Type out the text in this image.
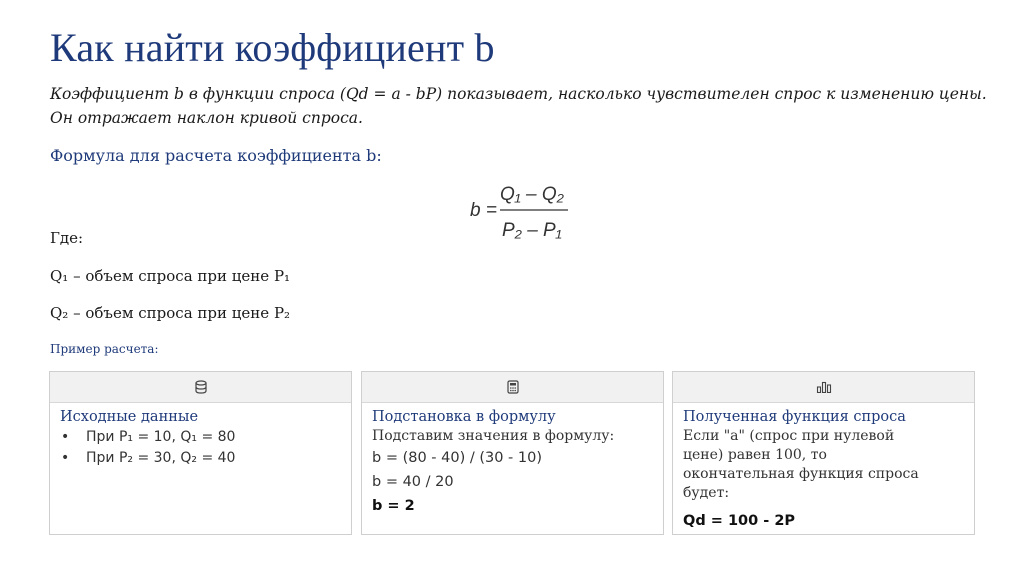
Как найти коэффициент b
Коэффициент b в функции спроса (Qd = a - bP) показывает, насколько чувствителен спрос к изменению цены.
Он отражает наклон кривой спроса.
Формула для расчета коэффициента b:
b =
Q₁ – Q₂
P₂ – P₁
Где:
Q₁ – объем спроса при цене P₁
Q₂ – объем спроса при цене P₂
Пример расчета:
Исходные данные
• При P₁ = 10, Q₁ = 80
• При P₂ = 30, Q₂ = 40
Подстановка в формулу
Подставим значения в формулу:
b = (80 - 40) / (30 - 10)
b = 40 / 20
b = 2
Полученная функция спроса
Если "a" (спрос при нулевой цене) равен 100, то окончательная функция спроса будет:
Qd = 100 - 2P
